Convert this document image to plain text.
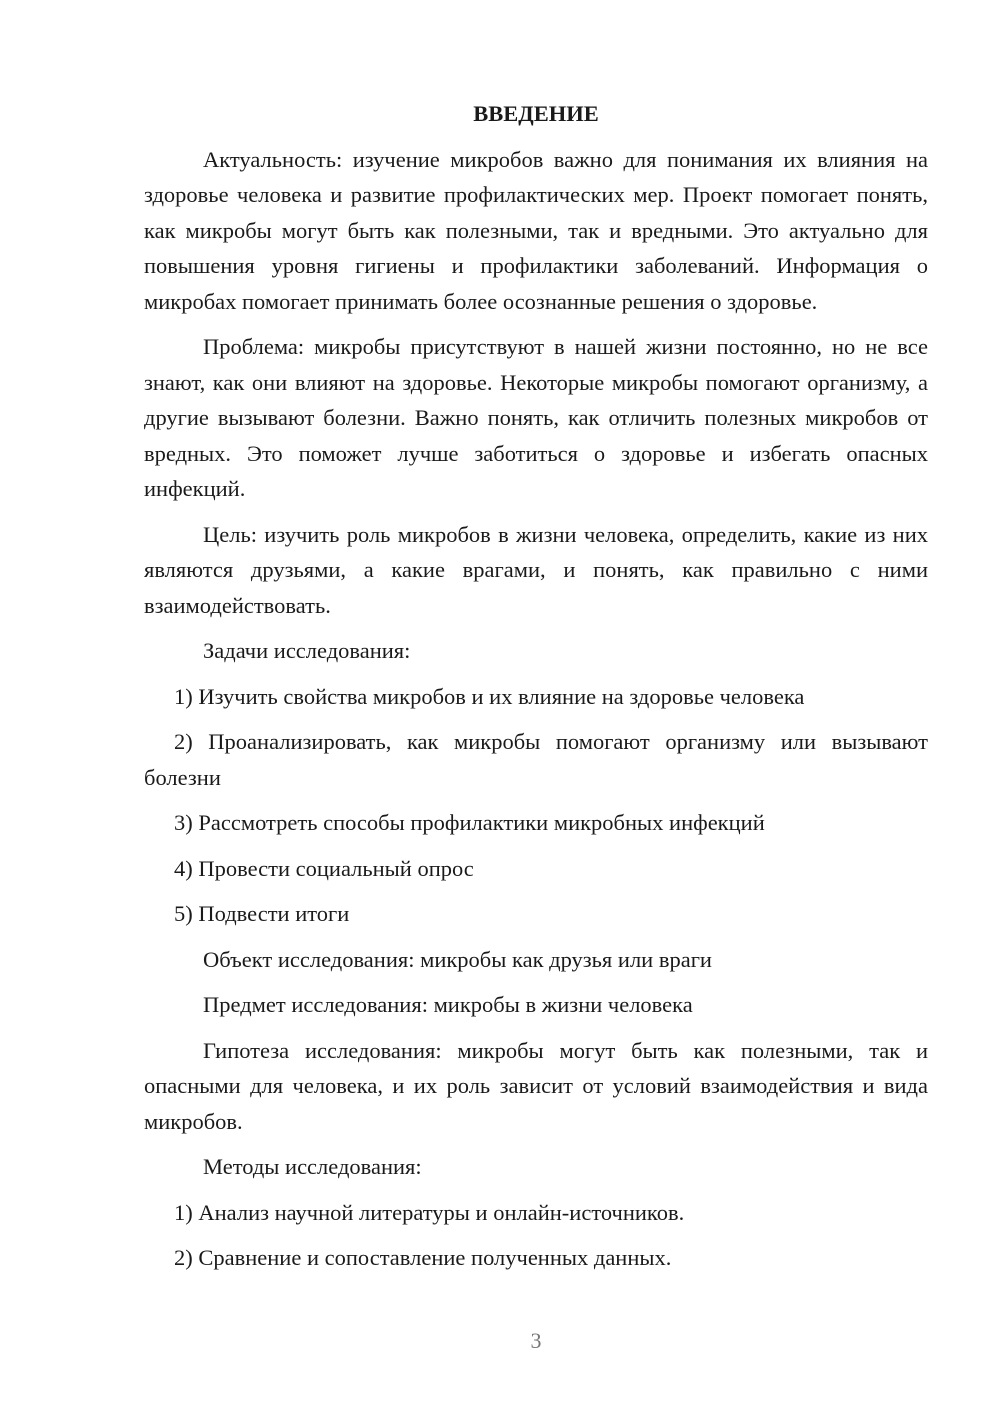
ВВЕДЕНИЕ

Актуальность: изучение микробов важно для понимания их влияния на здоровье человека и развитие профилактических мер. Проект помогает понять, как микробы могут быть как полезными, так и вредными. Это актуально для повышения уровня гигиены и профилактики заболеваний. Информация о микробах помогает принимать более осознанные решения о здоровье.

Проблема: микробы присутствуют в нашей жизни постоянно, но не все знают, как они влияют на здоровье. Некоторые микробы помогают организму, а другие вызывают болезни. Важно понять, как отличить полезных микробов от вредных. Это поможет лучше заботиться о здоровье и избегать опасных инфекций.

Цель: изучить роль микробов в жизни человека, определить, какие из них являются друзьями, а какие врагами, и понять, как правильно с ними взаимодействовать.

Задачи исследования:

1) Изучить свойства микробов и их влияние на здоровье человека

2) Проанализировать, как микробы помогают организму или вызывают болезни

3) Рассмотреть способы профилактики микробных инфекций

4) Провести социальный опрос

5) Подвести итоги

Объект исследования: микробы как друзья или враги

Предмет исследования: микробы в жизни человека

Гипотеза исследования: микробы могут быть как полезными, так и опасными для человека, и их роль зависит от условий взаимодействия и вида микробов.

Методы исследования:

1) Анализ научной литературы и онлайн-источников.

2) Сравнение и сопоставление полученных данных.

3
